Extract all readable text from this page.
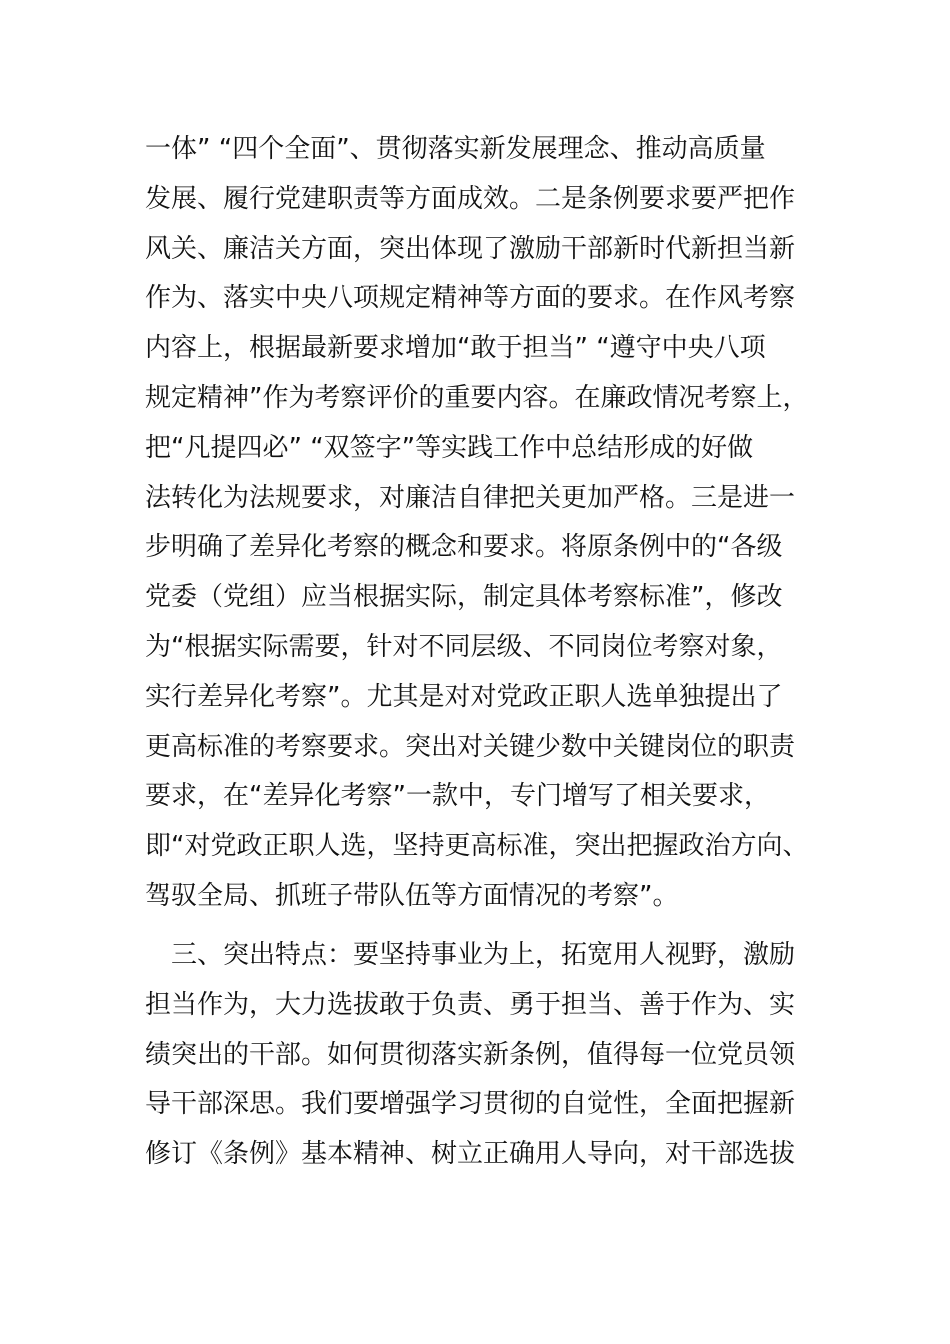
一体” “四个全面”、贯彻落实新发展理念、推动高质量
发展、履行党建职责等方面成效。二是条例要求要严把作
风关、廉洁关方面，突出体现了激励干部新时代新担当新
作为、落实中央八项规定精神等方面的要求。在作风考察
内容上，根据最新要求增加“敢于担当” “遵守中央八项
规定精神”作为考察评价的重要内容。在廉政情况考察上，
把“凡提四必” “双签字”等实践工作中总结形成的好做
法转化为法规要求，对廉洁自律把关更加严格。三是进一
步明确了差异化考察的概念和要求。将原条例中的“各级
党委（党组）应当根据实际，制定具体考察标准”，修改
为“根据实际需要，针对不同层级、不同岗位考察对象，
实行差异化考察”。尤其是对对党政正职人选单独提出了
更高标准的考察要求。突出对关键少数中关键岗位的职责
要求，在“差异化考察”一款中，专门增写了相关要求，
即“对党政正职人选，坚持更高标准，突出把握政治方向、
驾驭全局、抓班子带队伍等方面情况的考察”。
　三、突出特点：要坚持事业为上，拓宽用人视野，激励
担当作为，大力选拔敢于负责、勇于担当、善于作为、实
绩突出的干部。如何贯彻落实新条例，值得每一位党员领
导干部深思。我们要增强学习贯彻的自觉性，全面把握新
修订《条例》基本精神、树立正确用人导向，对干部选拔
